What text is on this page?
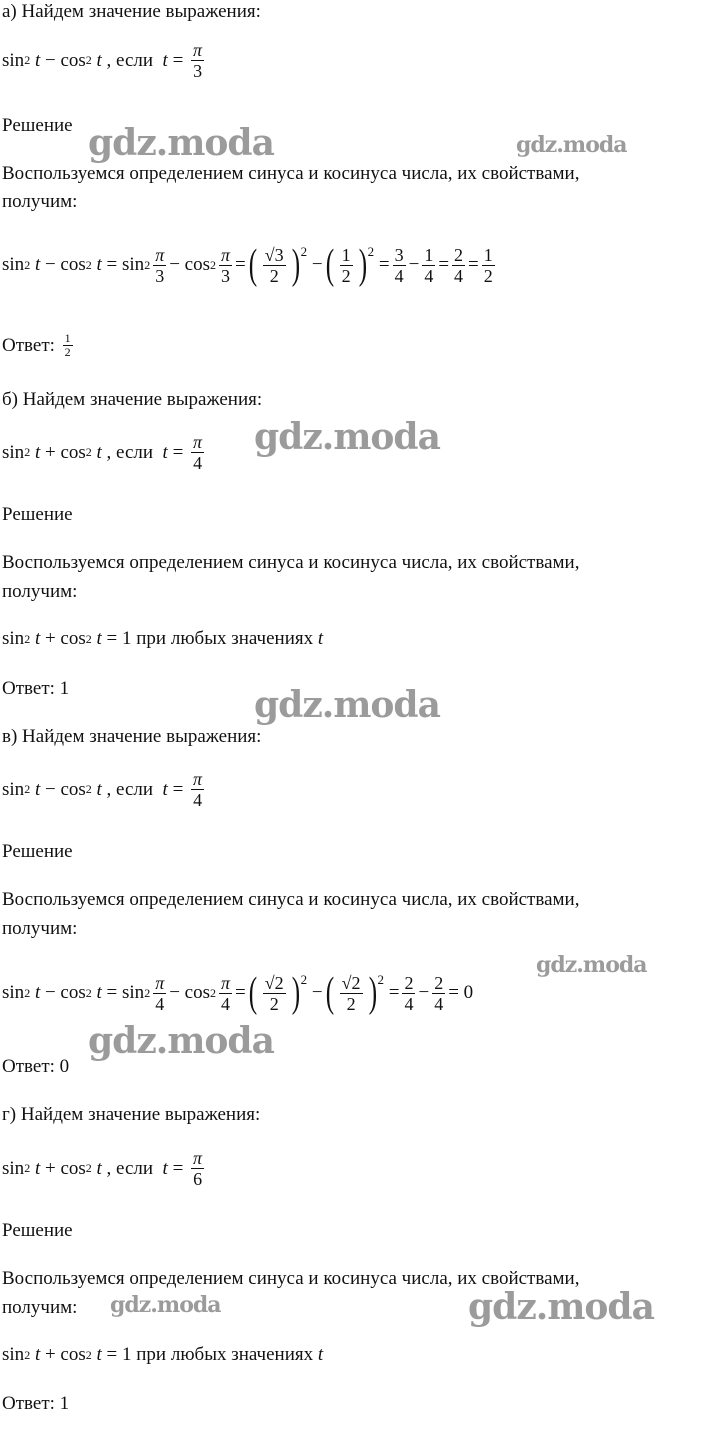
а) Найдем значение выражения:
sin 2
t
− cos 2
t , если
$t = \frac{\pi}{3}$
Решение
Воспользуемся определением синуса и косинуса числа, их свойствами,
получим:
sin 2
t − cos 2
$t = \sin 2 \frac{\pi}{3} - \cos 2 \frac{\pi}{3}$ = ( $\frac{√3}{2}$ ) 2
− ( $\frac{1}{2}$ ) 2
= $\frac{3}{4} - \frac{1}{4} = \frac{2}{4} = \frac{1}{2}$
Ответ:
$\frac{1}{2}$
б) Найдем значение выражения:
sin 2
t
+ cos 2
t , если
$t = \frac{\pi}{4}$
Решение
Воспользуемся определением синуса и косинуса числа, их свойствами,
получим:
sin 2
t + cos 2
t = 1 при любых значениях
t
Ответ: 1
в) Найдем значение выражения:
sin 2
t
− cos 2
t , если
$t = \frac{\pi}{4}$
Решение
Воспользуемся определением синуса и косинуса числа, их свойствами,
получим:
sin 2
t − cos 2
$t = \sin 2 \frac{\pi}{4} - \cos 2 \frac{\pi}{4}$ = ( $\frac{√2}{2}$ ) 2
− ( $\frac{√2}{2}$ ) 2
= $\frac{2}{4} - \frac{2}{4} = 0$
Ответ: 0
г) Найдем значение выражения:
sin 2
t
+ cos 2
t , если
$t = \frac{\pi}{6}$
Решение
Воспользуемся определением синуса и косинуса числа, их свойствами,
получим:
sin 2
t + cos 2
t = 1 при любых значениях
t
Ответ: 1
gdz.moda	gdz.moda
gdz.moda
gdz.moda
gdz.moda
gdz.moda
gdz.moda	gdz.moda
